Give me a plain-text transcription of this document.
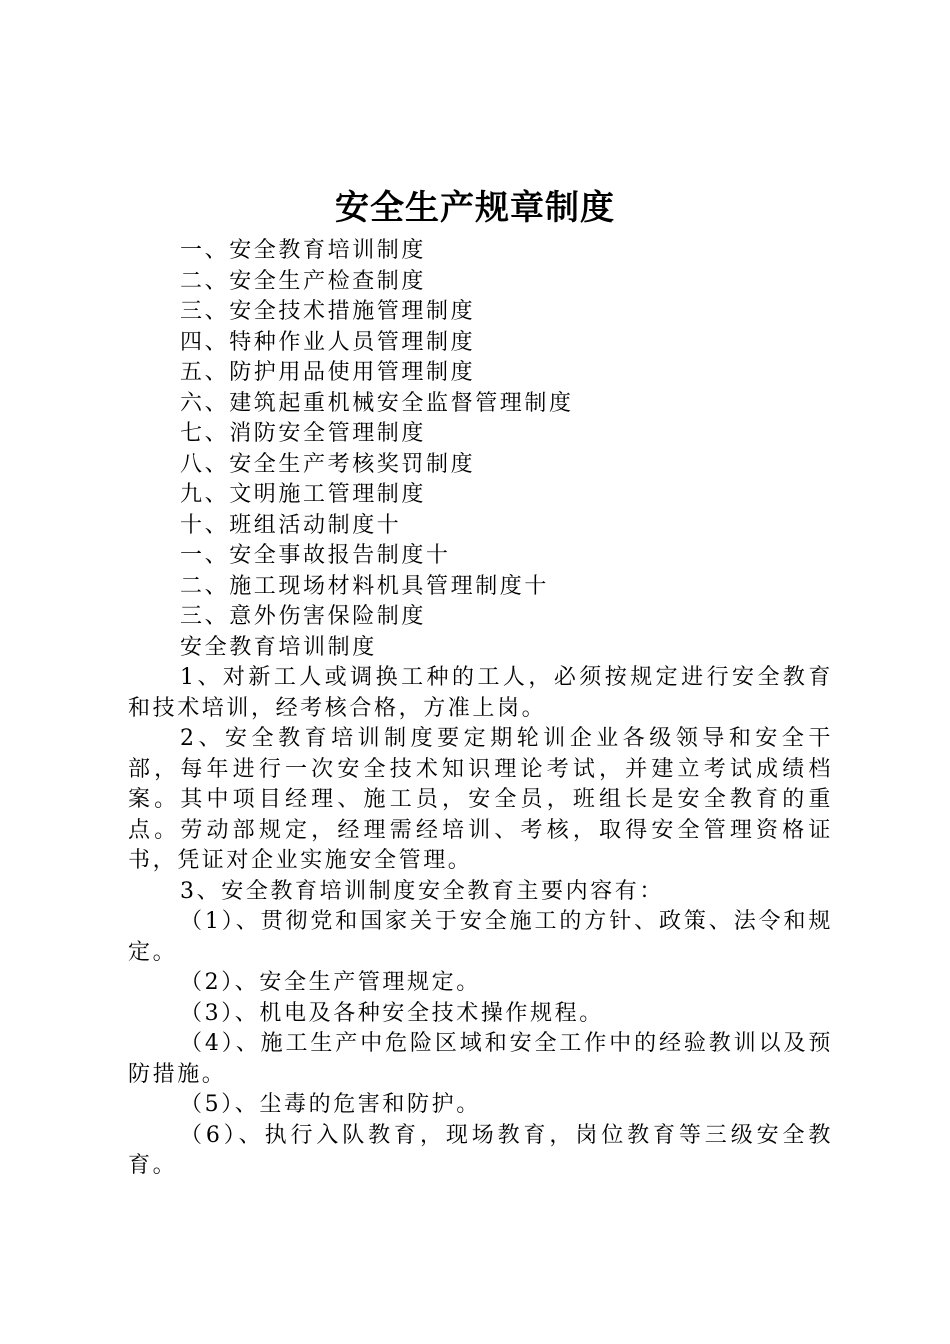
安全生产规章制度
一、安全教育培训制度
二、安全生产检查制度
三、安全技术措施管理制度
四、特种作业人员管理制度
五、防护用品使用管理制度
六、建筑起重机械安全监督管理制度
七、消防安全管理制度
八、安全生产考核奖罚制度
九、文明施工管理制度
十、班组活动制度十
一、安全事故报告制度十
二、施工现场材料机具管理制度十
三、意外伤害保险制度
安全教育培训制度
1、对新工人或调换工种的工人，必须按规定进行安全教育和技术培训，经考核合格，方准上岗。
2、安全教育培训制度要定期轮训企业各级领导和安全干部，每年进行一次安全技术知识理论考试，并建立考试成绩档案。其中项目经理、施工员，安全员，班组长是安全教育的重点。劳动部规定，经理需经培训、考核，取得安全管理资格证书，凭证对企业实施安全管理。
3、安全教育培训制度安全教育主要内容有：
（1）、贯彻党和国家关于安全施工的方针、政策、法令和规定。
（2）、安全生产管理规定。
（3）、机电及各种安全技术操作规程。
（4）、施工生产中危险区域和安全工作中的经验教训以及预防措施。
（5）、尘毒的危害和防护。
（6）、执行入队教育，现场教育，岗位教育等三级安全教育。
